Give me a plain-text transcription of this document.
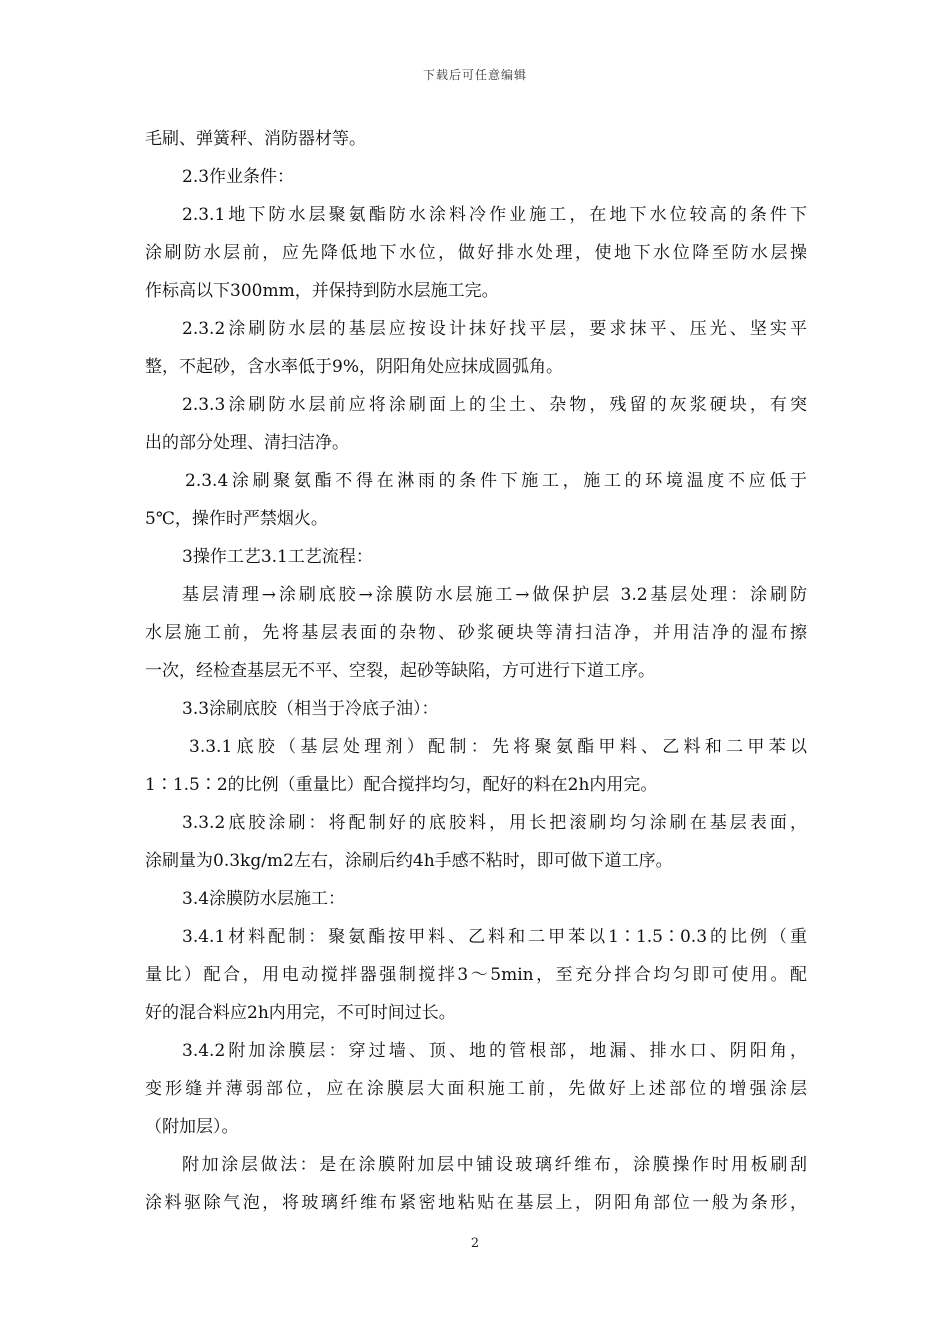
下载后可任意编辑
毛刷、弹簧秤、消防器材等。
2.3作业条件：
2.3.1地下防水层聚氨酯防水涂料冷作业施工，在地下水位较高的条件下
涂刷防水层前，应先降低地下水位，做好排水处理，使地下水位降至防水层操
作标高以下300mm，并保持到防水层施工完。
2.3.2涂刷防水层的基层应按设计抹好找平层，要求抹平、压光、坚实平
整，不起砂，含水率低于9%，阴阳角处应抹成圆弧角。
2.3.3涂刷防水层前应将涂刷面上的尘土、杂物，残留的灰浆硬块，有突
出的部分处理、清扫洁净。
2.3.4涂刷聚氨酯不得在淋雨的条件下施工，施工的环境温度不应低于
5℃，操作时严禁烟火。
3操作工艺3.1工艺流程：
基层清理→涂刷底胶→涂膜防水层施工→做保护层 3.2基层处理：涂刷防
水层施工前，先将基层表面的杂物、砂浆硬块等清扫洁净，并用洁净的湿布擦
一次，经检查基层无不平、空裂，起砂等缺陷，方可进行下道工序。
3.3涂刷底胶（相当于冷底子油）：
3.3.1底胶（基层处理剂）配制：先将聚氨酯甲料、乙料和二甲苯以
1∶1.5∶2的比例（重量比）配合搅拌均匀，配好的料在2h内用完。
3.3.2底胶涂刷：将配制好的底胶料，用长把滚刷均匀涂刷在基层表面，
涂刷量为0.3kg/m2左右，涂刷后约4h手感不粘时，即可做下道工序。
3.4涂膜防水层施工：
3.4.1材料配制：聚氨酯按甲料、乙料和二甲苯以1∶1.5∶0.3的比例（重
量比）配合，用电动搅拌器强制搅拌3～5min，至充分拌合均匀即可使用。配
好的混合料应2h内用完，不可时间过长。
3.4.2附加涂膜层：穿过墙、顶、地的管根部，地漏、排水口、阴阳角，
变形缝并薄弱部位，应在涂膜层大面积施工前，先做好上述部位的增强涂层
（附加层）。
附加涂层做法：是在涂膜附加层中铺设玻璃纤维布，涂膜操作时用板刷刮
涂料驱除气泡，将玻璃纤维布紧密地粘贴在基层上，阴阳角部位一般为条形，
2
